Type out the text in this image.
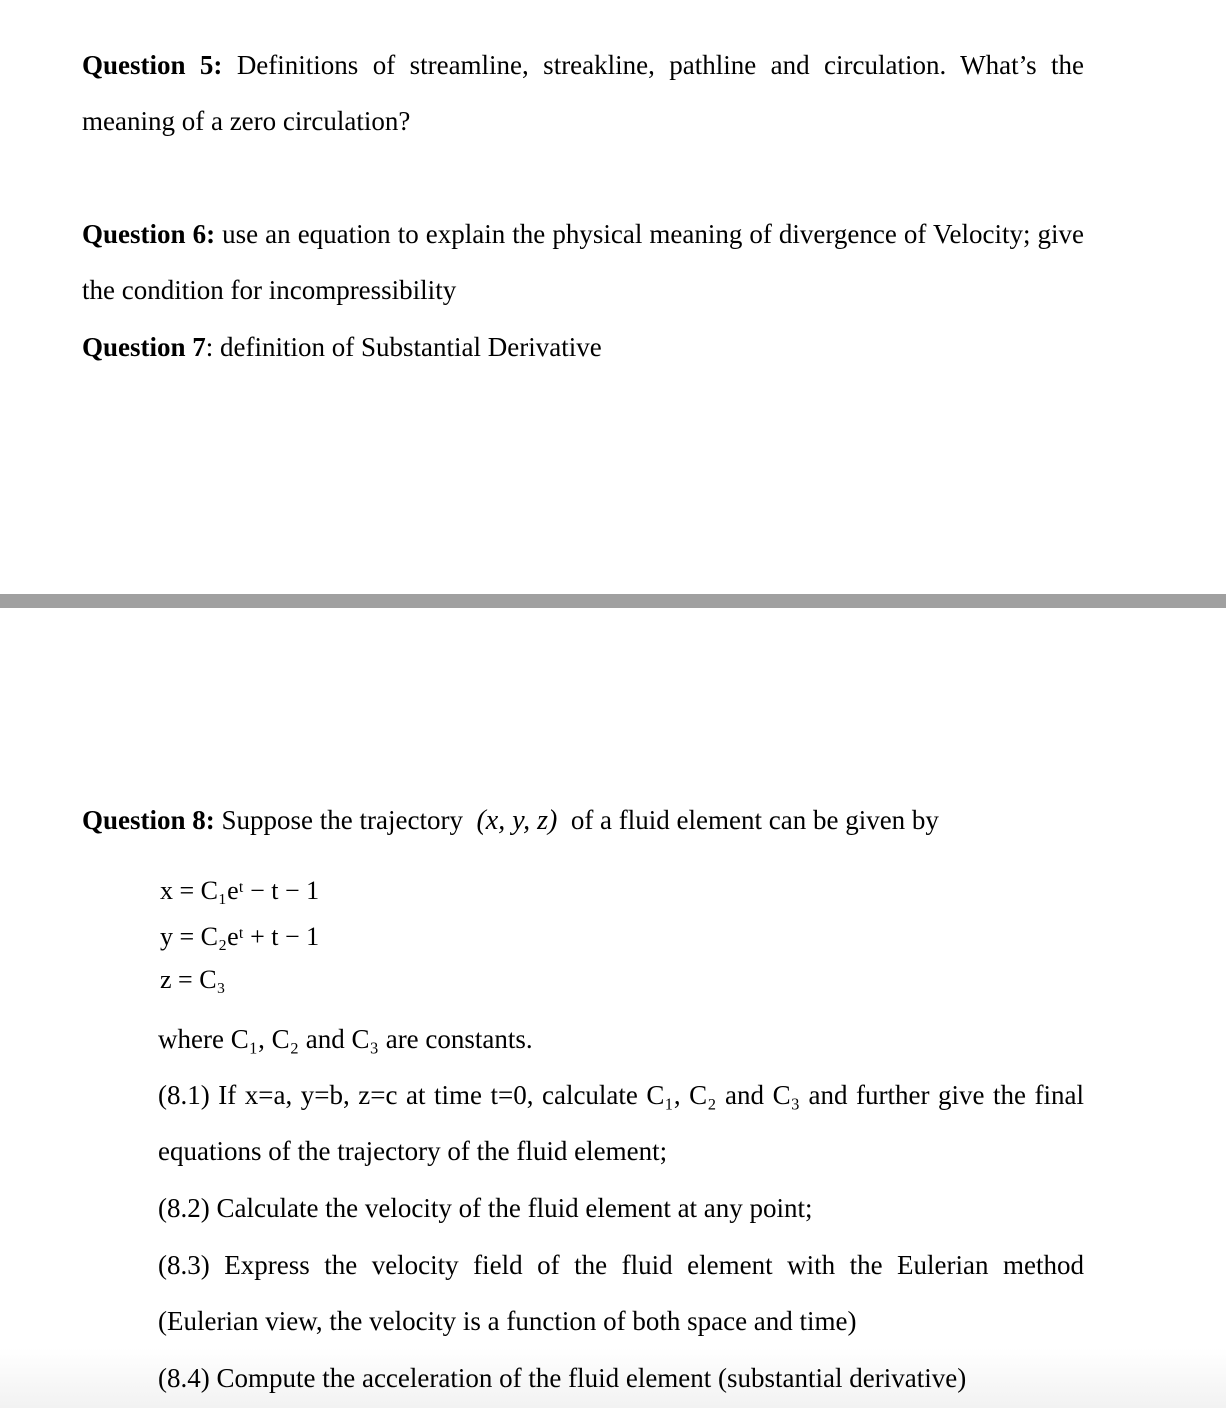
Question 5: Definitions of streamline, streakline, pathline and circulation. What’s the meaning of a zero circulation?

Question 6: use an equation to explain the physical meaning of divergence of Velocity; give the condition for incompressibility

Question 7: definition of Substantial Derivative

Question 8: Suppose the trajectory (x, y, z) of a fluid element can be given by

x = C₁eᵗ − t − 1
y = C₂eᵗ + t − 1
z = C₃

where C₁, C₂ and C₃ are constants.

(8.1) If x=a, y=b, z=c at time t=0, calculate C₁, C₂ and C₃ and further give the final equations of the trajectory of the fluid element;

(8.2) Calculate the velocity of the fluid element at any point;

(8.3) Express the velocity field of the fluid element with the Eulerian method (Eulerian view, the velocity is a function of both space and time)

(8.4) Compute the acceleration of the fluid element (substantial derivative)
